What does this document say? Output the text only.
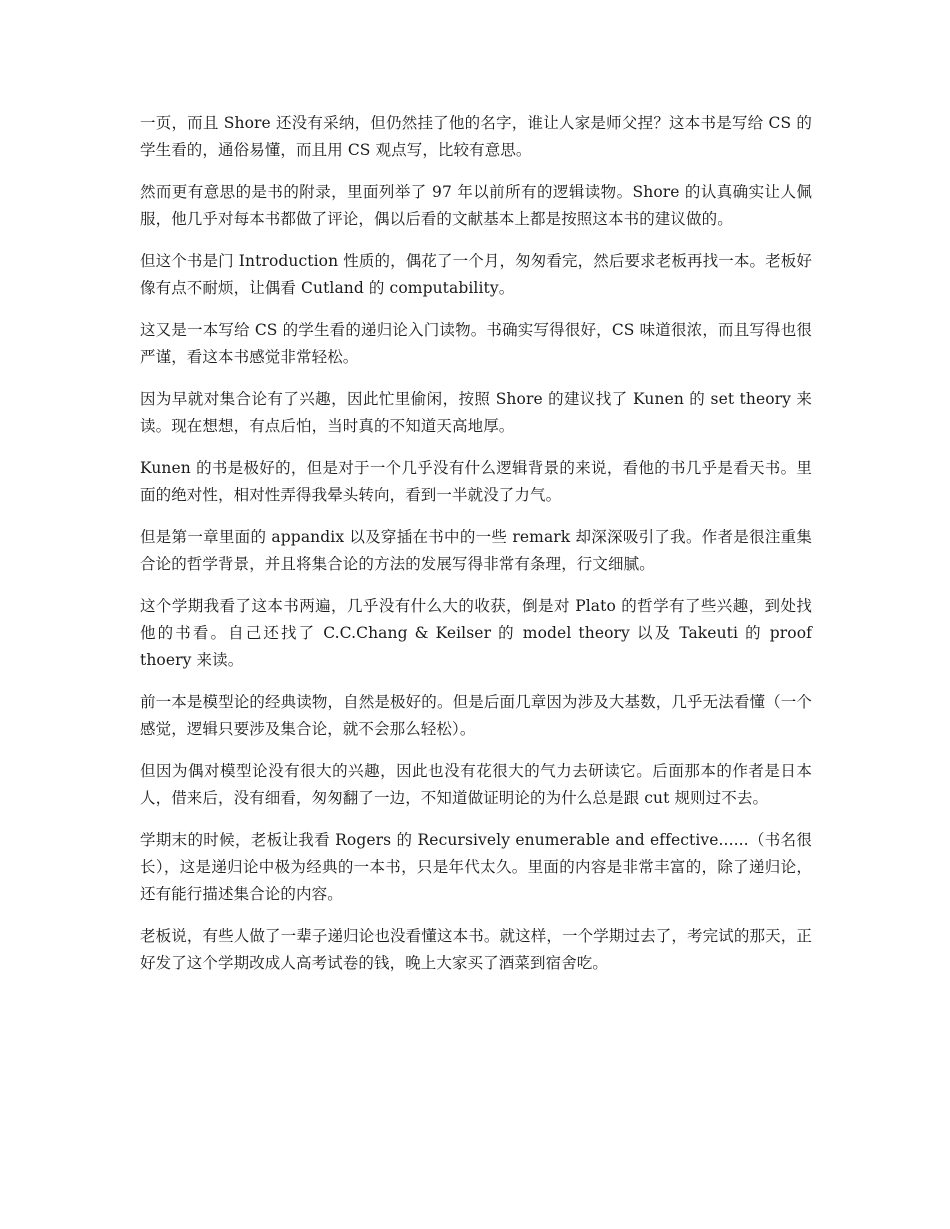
一页，而且 Shore 还没有采纳，但仍然挂了他的名字，谁让人家是师父捏？这本书是写给 CS 的学生看的，通俗易懂，而且用 CS 观点写，比较有意思。

然而更有意思的是书的附录，里面列举了 97 年以前所有的逻辑读物。Shore 的认真确实让人佩服，他几乎对每本书都做了评论，偶以后看的文献基本上都是按照这本书的建议做的。

但这个书是门 Introduction 性质的，偶花了一个月，匆匆看完，然后要求老板再找一本。老板好像有点不耐烦，让偶看 Cutland 的 computability。

这又是一本写给 CS 的学生看的递归论入门读物。书确实写得很好，CS 味道很浓，而且写得也很严谨，看这本书感觉非常轻松。

因为早就对集合论有了兴趣，因此忙里偷闲，按照 Shore 的建议找了 Kunen 的 set theory 来读。现在想想，有点后怕，当时真的不知道天高地厚。

Kunen 的书是极好的，但是对于一个几乎没有什么逻辑背景的来说，看他的书几乎是看天书。里面的绝对性，相对性弄得我晕头转向，看到一半就没了力气。

但是第一章里面的 appandix 以及穿插在书中的一些 remark 却深深吸引了我。作者是很注重集合论的哲学背景，并且将集合论的方法的发展写得非常有条理，行文细腻。

这个学期我看了这本书两遍，几乎没有什么大的收获，倒是对 Plato 的哲学有了些兴趣，到处找他的书看。自己还找了 C.C.Chang & Keilser 的 model theory 以及 Takeuti 的 proof thoery 来读。

前一本是模型论的经典读物，自然是极好的。但是后面几章因为涉及大基数，几乎无法看懂（一个感觉，逻辑只要涉及集合论，就不会那么轻松）。

但因为偶对模型论没有很大的兴趣，因此也没有花很大的气力去研读它。后面那本的作者是日本人，借来后，没有细看，匆匆翻了一边，不知道做证明论的为什么总是跟 cut 规则过不去。

学期末的时候，老板让我看 Rogers 的 Recursively enumerable and effective......（书名很长），这是递归论中极为经典的一本书，只是年代太久。里面的内容是非常丰富的，除了递归论，还有能行描述集合论的内容。

老板说，有些人做了一辈子递归论也没看懂这本书。就这样，一个学期过去了，考完试的那天，正好发了这个学期改成人高考试卷的钱，晚上大家买了酒菜到宿舍吃。
